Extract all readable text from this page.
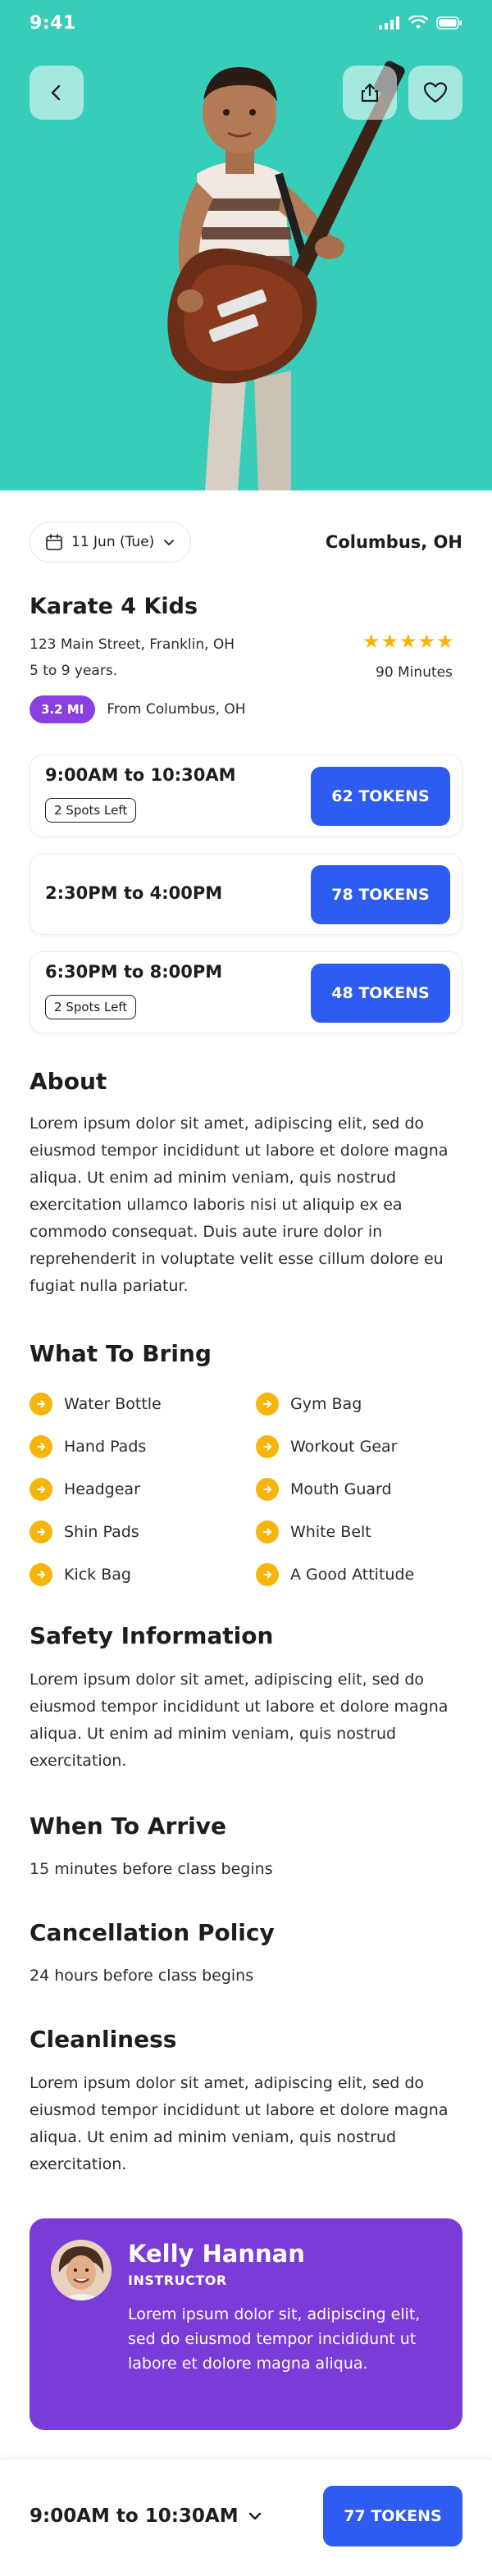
9:41
11 Jun (Tue)	Columbus, OH
Karate 4 Kids
123 Main Street, Franklin, OH
5 to 9 years.
★★★★★
90 Minutes
3.2 MI	From Columbus, OH
9:00AM to 10:30AM
2 Spots Left
62 TOKENS
2:30PM to 4:00PM	78 TOKENS
6:30PM to 8:00PM
2 Spots Left
48 TOKENS
About
Lorem ipsum dolor sit amet, adipiscing elit, sed do eiusmod tempor incididunt ut labore et dolore magna aliqua. Ut enim ad minim veniam, quis nostrud exercitation ullamco laboris nisi ut aliquip ex ea commodo consequat. Duis aute irure dolor in reprehenderit in voluptate velit esse cillum dolore eu fugiat nulla pariatur.
What To Bring
Water Bottle	Gym Bag
Hand Pads	Workout Gear
Headgear	Mouth Guard
Shin Pads	White Belt
Kick Bag	A Good Attitude
Safety Information
Lorem ipsum dolor sit amet, adipiscing elit, sed do eiusmod tempor incididunt ut labore et dolore magna aliqua. Ut enim ad minim veniam, quis nostrud exercitation.
When To Arrive
15 minutes before class begins
Cancellation Policy
24 hours before class begins
Cleanliness
Lorem ipsum dolor sit amet, adipiscing elit, sed do eiusmod tempor incididunt ut labore et dolore magna aliqua. Ut enim ad minim veniam, quis nostrud exercitation.
Kelly Hannan
INSTRUCTOR
Lorem ipsum dolor sit, adipiscing elit, sed do eiusmod tempor incididunt ut labore et dolore magna aliqua.
9:00AM to 10:30AM	77 TOKENS
